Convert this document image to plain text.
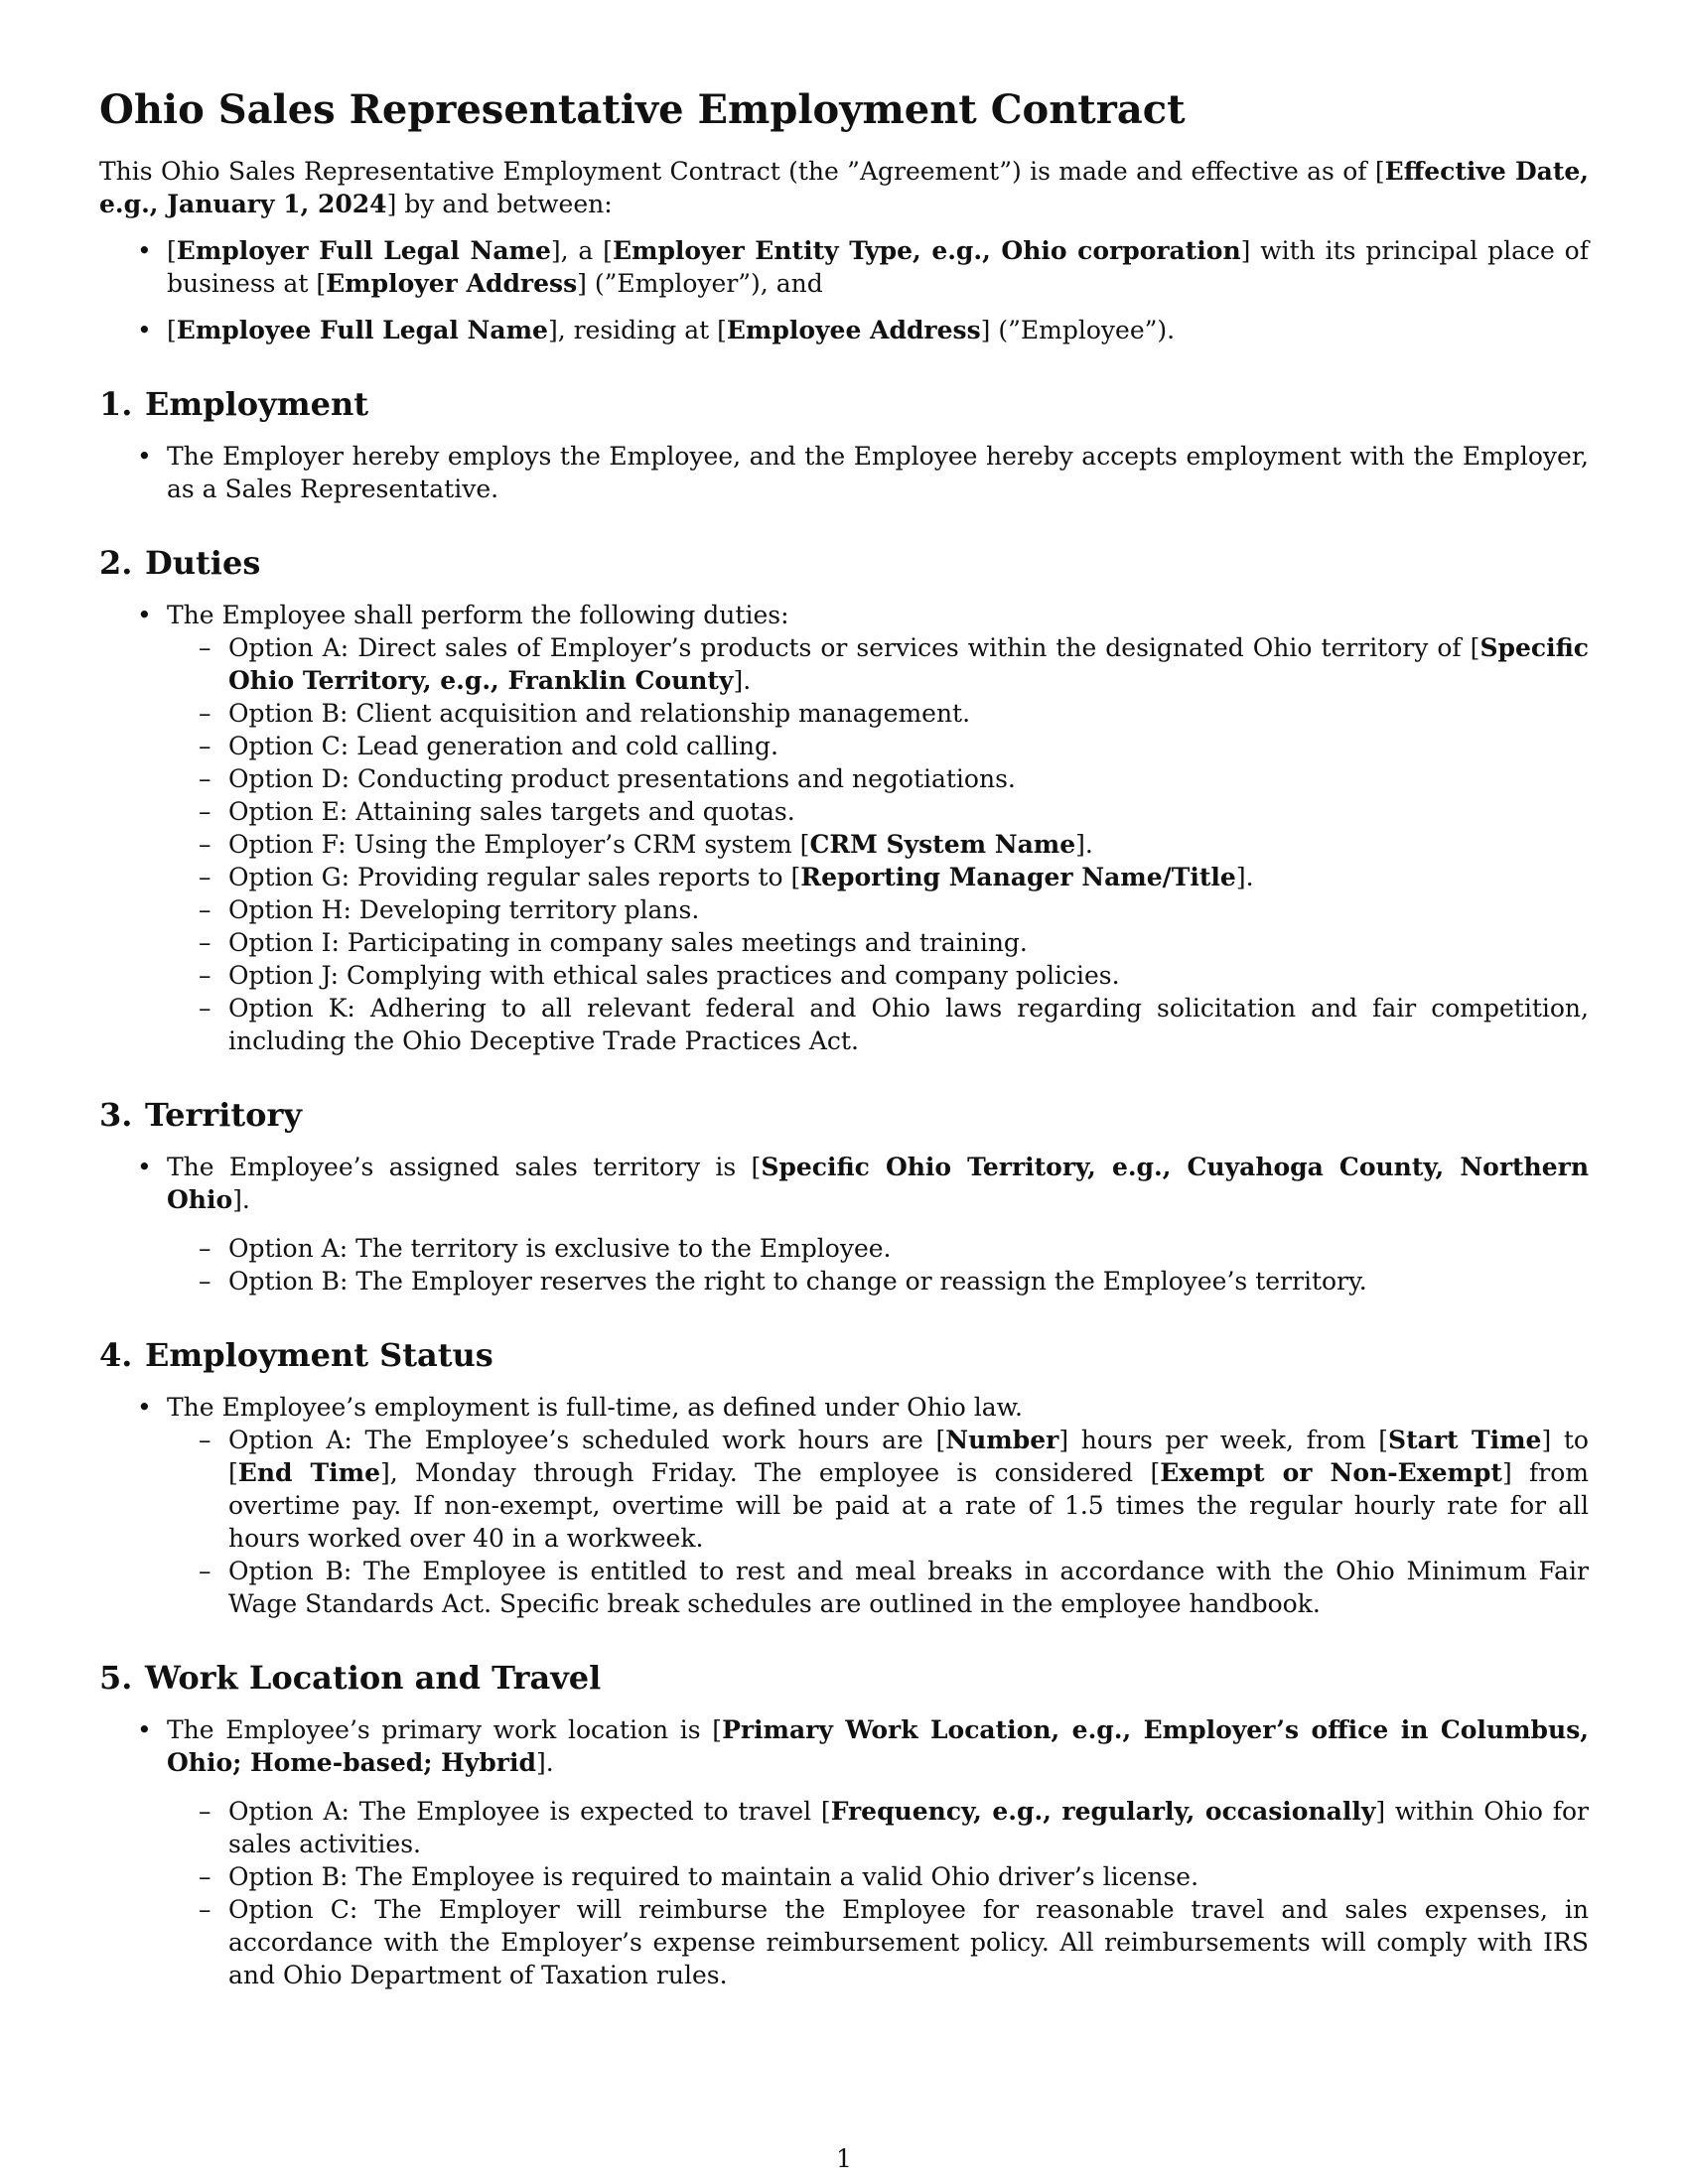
Ohio Sales Representative Employment Contract

This Ohio Sales Representative Employment Contract (the ”Agreement”) is made and effective as of [Effective Date, e.g., January 1, 2024] by and between:

• [Employer Full Legal Name], a [Employer Entity Type, e.g., Ohio corporation] with its principal place of business at [Employer Address] (”Employer”), and
• [Employee Full Legal Name], residing at [Employee Address] (”Employee”).
1. Employment
• The Employer hereby employs the Employee, and the Employee hereby accepts employment with the Employer, as a Sales Representative.
2. Duties
• The Employee shall perform the following duties:
– Option A: Direct sales of Employer’s products or services within the designated Ohio territory of [Specific Ohio Territory, e.g., Franklin County].
– Option B: Client acquisition and relationship management.
– Option C: Lead generation and cold calling.
– Option D: Conducting product presentations and negotiations.
– Option E: Attaining sales targets and quotas.
– Option F: Using the Employer’s CRM system [CRM System Name].
– Option G: Providing regular sales reports to [Reporting Manager Name/Title].
– Option H: Developing territory plans.
– Option I: Participating in company sales meetings and training.
– Option J: Complying with ethical sales practices and company policies.
– Option K: Adhering to all relevant federal and Ohio laws regarding solicitation and fair competition, including the Ohio Deceptive Trade Practices Act.
3. Territory
• The Employee’s assigned sales territory is [Specific Ohio Territory, e.g., Cuyahoga County, Northern Ohio].
– Option A: The territory is exclusive to the Employee.
– Option B: The Employer reserves the right to change or reassign the Employee’s territory.
4. Employment Status
• The Employee’s employment is full-time, as defined under Ohio law.
– Option A: The Employee’s scheduled work hours are [Number] hours per week, from [Start Time] to [End Time], Monday through Friday. The employee is considered [Exempt or Non-Exempt] from overtime pay. If non-exempt, overtime will be paid at a rate of 1.5 times the regular hourly rate for all hours worked over 40 in a workweek.
– Option B: The Employee is entitled to rest and meal breaks in accordance with the Ohio Minimum Fair Wage Standards Act. Specific break schedules are outlined in the employee handbook.
5. Work Location and Travel
• The Employee’s primary work location is [Primary Work Location, e.g., Employer’s office in Columbus, Ohio; Home-based; Hybrid].
– Option A: The Employee is expected to travel [Frequency, e.g., regularly, occasionally] within Ohio for sales activities.
– Option B: The Employee is required to maintain a valid Ohio driver’s license.
– Option C: The Employer will reimburse the Employee for reasonable travel and sales expenses, in accordance with the Employer’s expense reimbursement policy. All reimbursements will comply with IRS and Ohio Department of Taxation rules.
1
